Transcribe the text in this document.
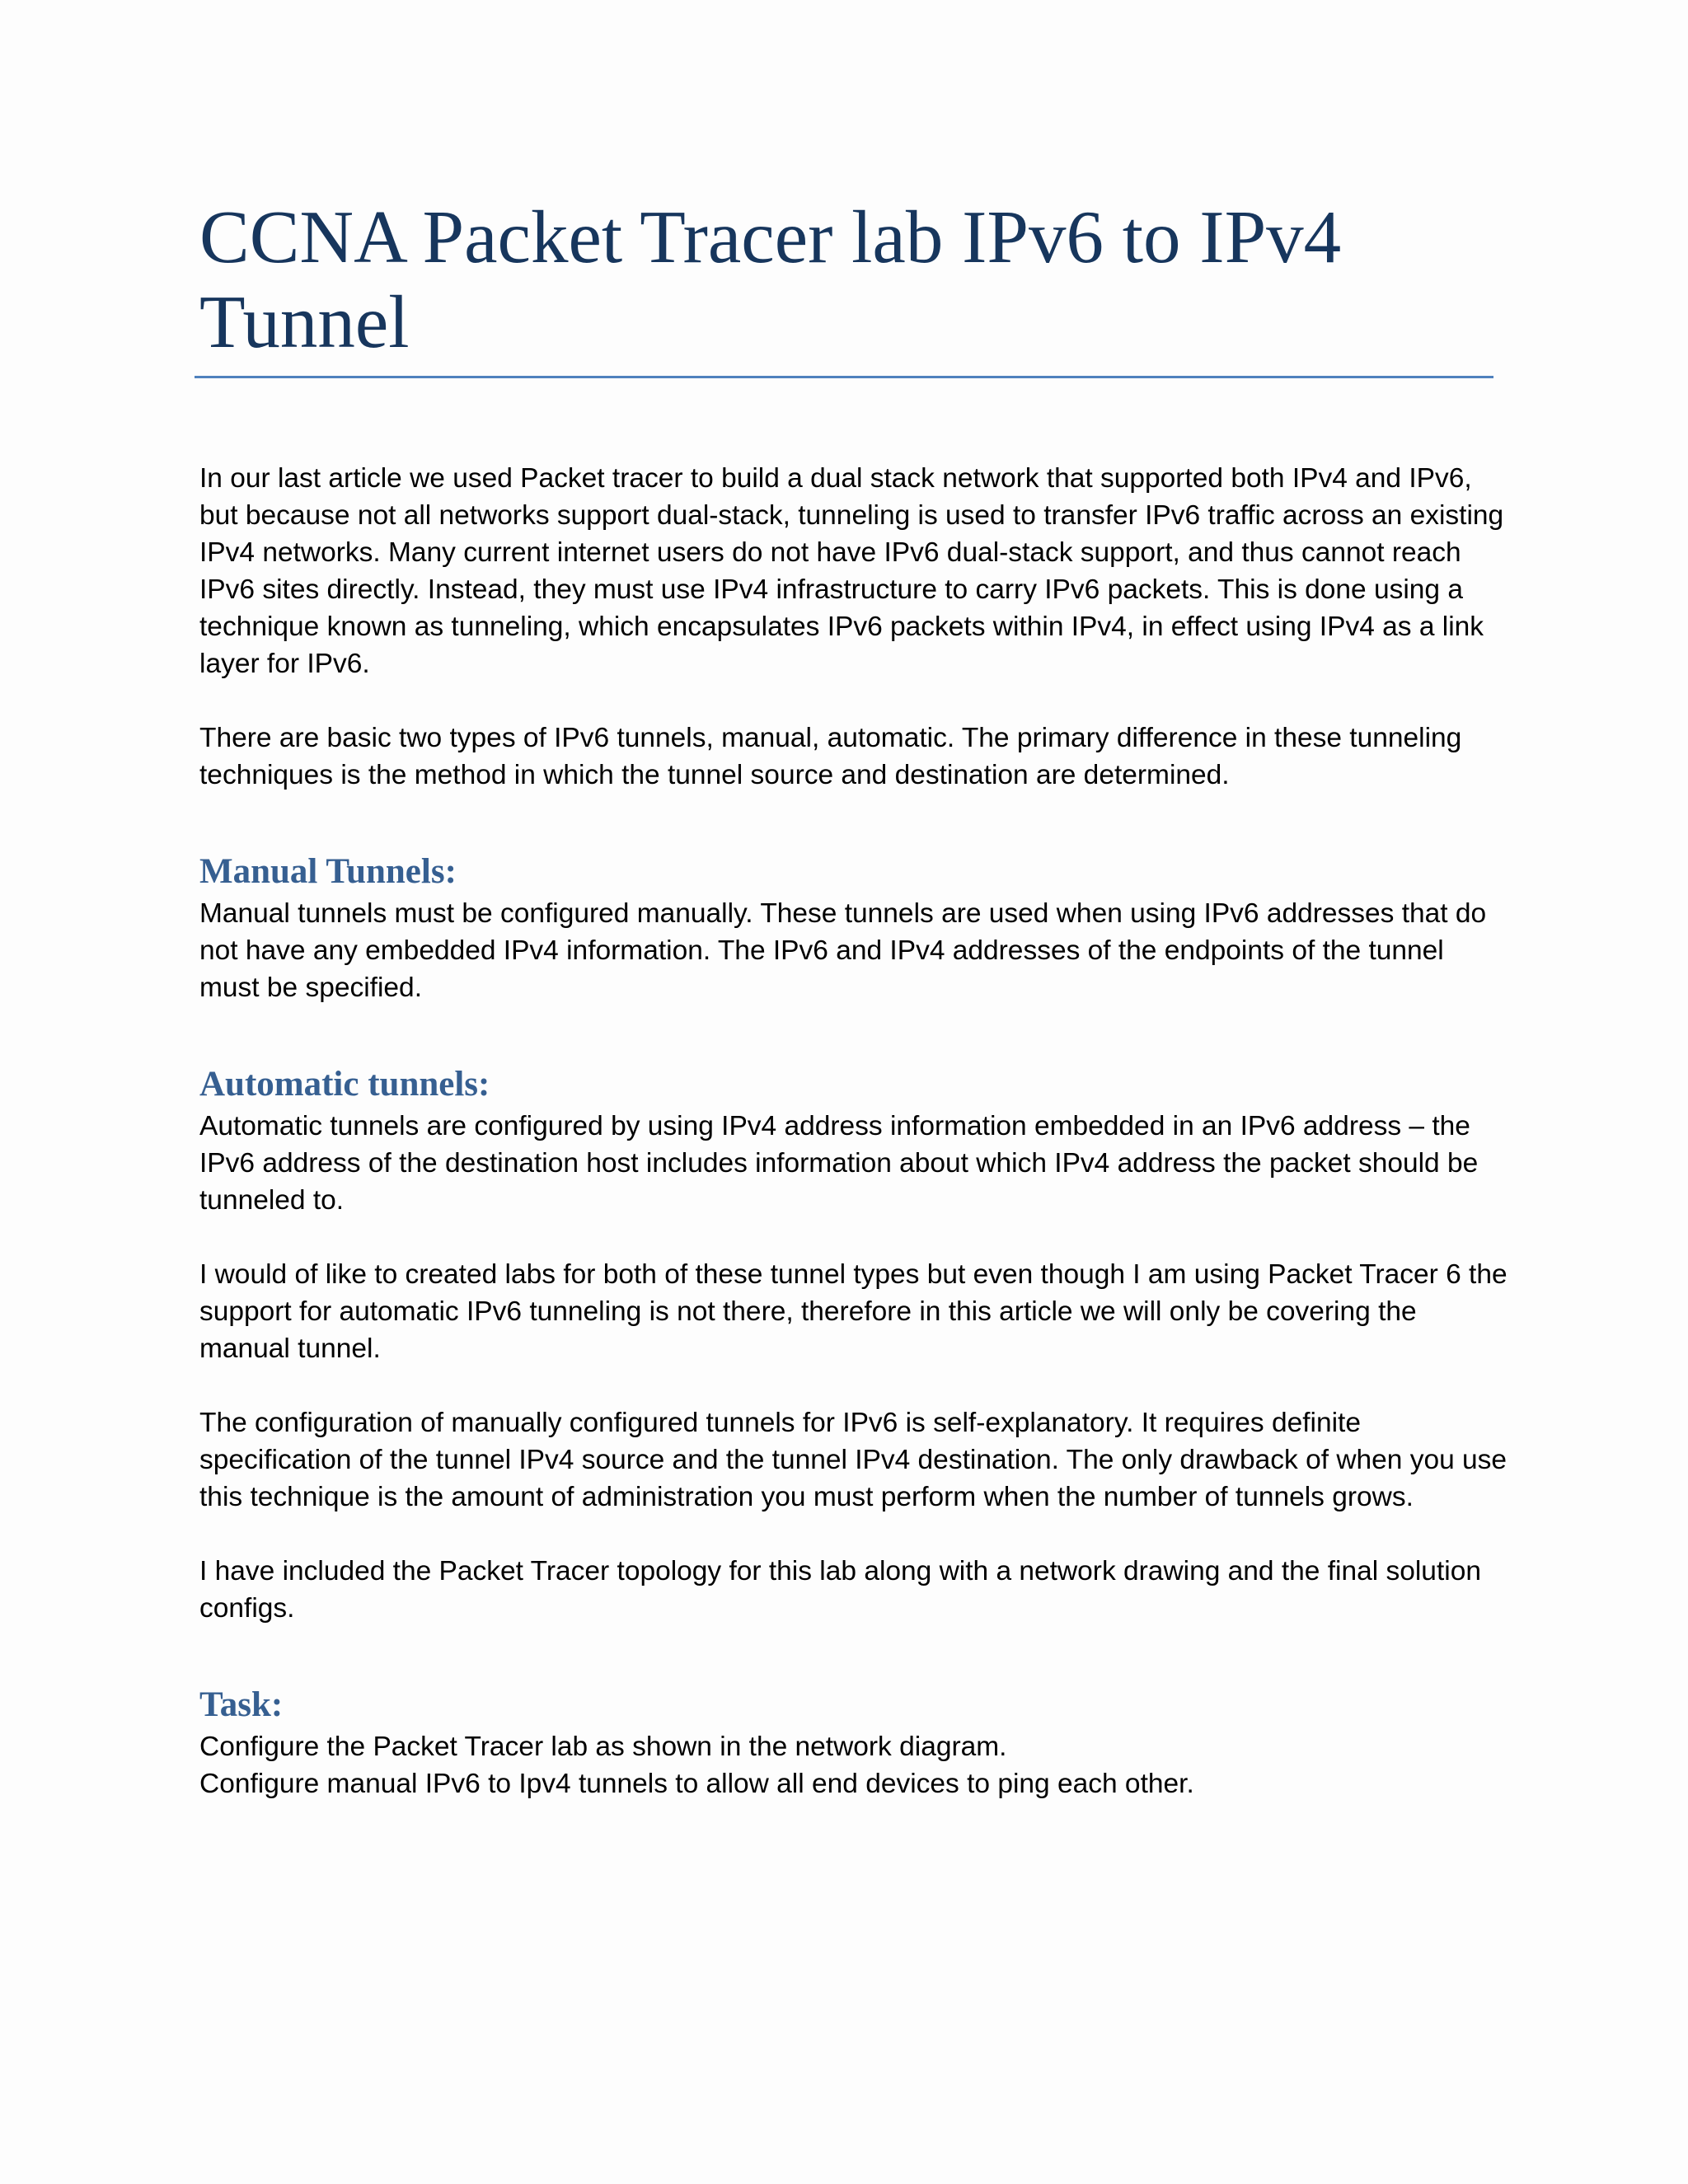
CCNA Packet Tracer lab IPv6 to IPv4 Tunnel

In our last article we used Packet tracer to build a dual stack network that supported both IPv4 and IPv6, but because not all networks support dual-stack, tunneling is used to transfer IPv6 traffic across an existing IPv4 networks. Many current internet users do not have IPv6 dual-stack support, and thus cannot reach IPv6 sites directly. Instead, they must use IPv4 infrastructure to carry IPv6 packets. This is done using a technique known as tunneling, which encapsulates IPv6 packets within IPv4, in effect using IPv4 as a link layer for IPv6.

There are basic two types of IPv6 tunnels, manual, automatic. The primary difference in these tunneling techniques is the method in which the tunnel source and destination are determined.

Manual Tunnels:

Manual tunnels must be configured manually. These tunnels are used when using IPv6 addresses that do not have any embedded IPv4 information. The IPv6 and IPv4 addresses of the endpoints of the tunnel must be specified.

Automatic tunnels:

Automatic tunnels are configured by using IPv4 address information embedded in an IPv6 address – the IPv6 address of the destination host includes information about which IPv4 address the packet should be tunneled to.

I would of like to created labs for both of these tunnel types but even though I am using Packet Tracer 6 the support for automatic IPv6 tunneling is not there, therefore in this article we will only be covering the manual tunnel.

The configuration of manually configured tunnels for IPv6 is self-explanatory. It requires definite specification of the tunnel IPv4 source and the tunnel IPv4 destination. The only drawback of when you use this technique is the amount of administration you must perform when the number of tunnels grows.

I have included the Packet Tracer topology for this lab along with a network drawing and the final solution configs.

Task:

Configure the Packet Tracer lab as shown in the network diagram.

Configure manual IPv6 to Ipv4 tunnels to allow all end devices to ping each other.
